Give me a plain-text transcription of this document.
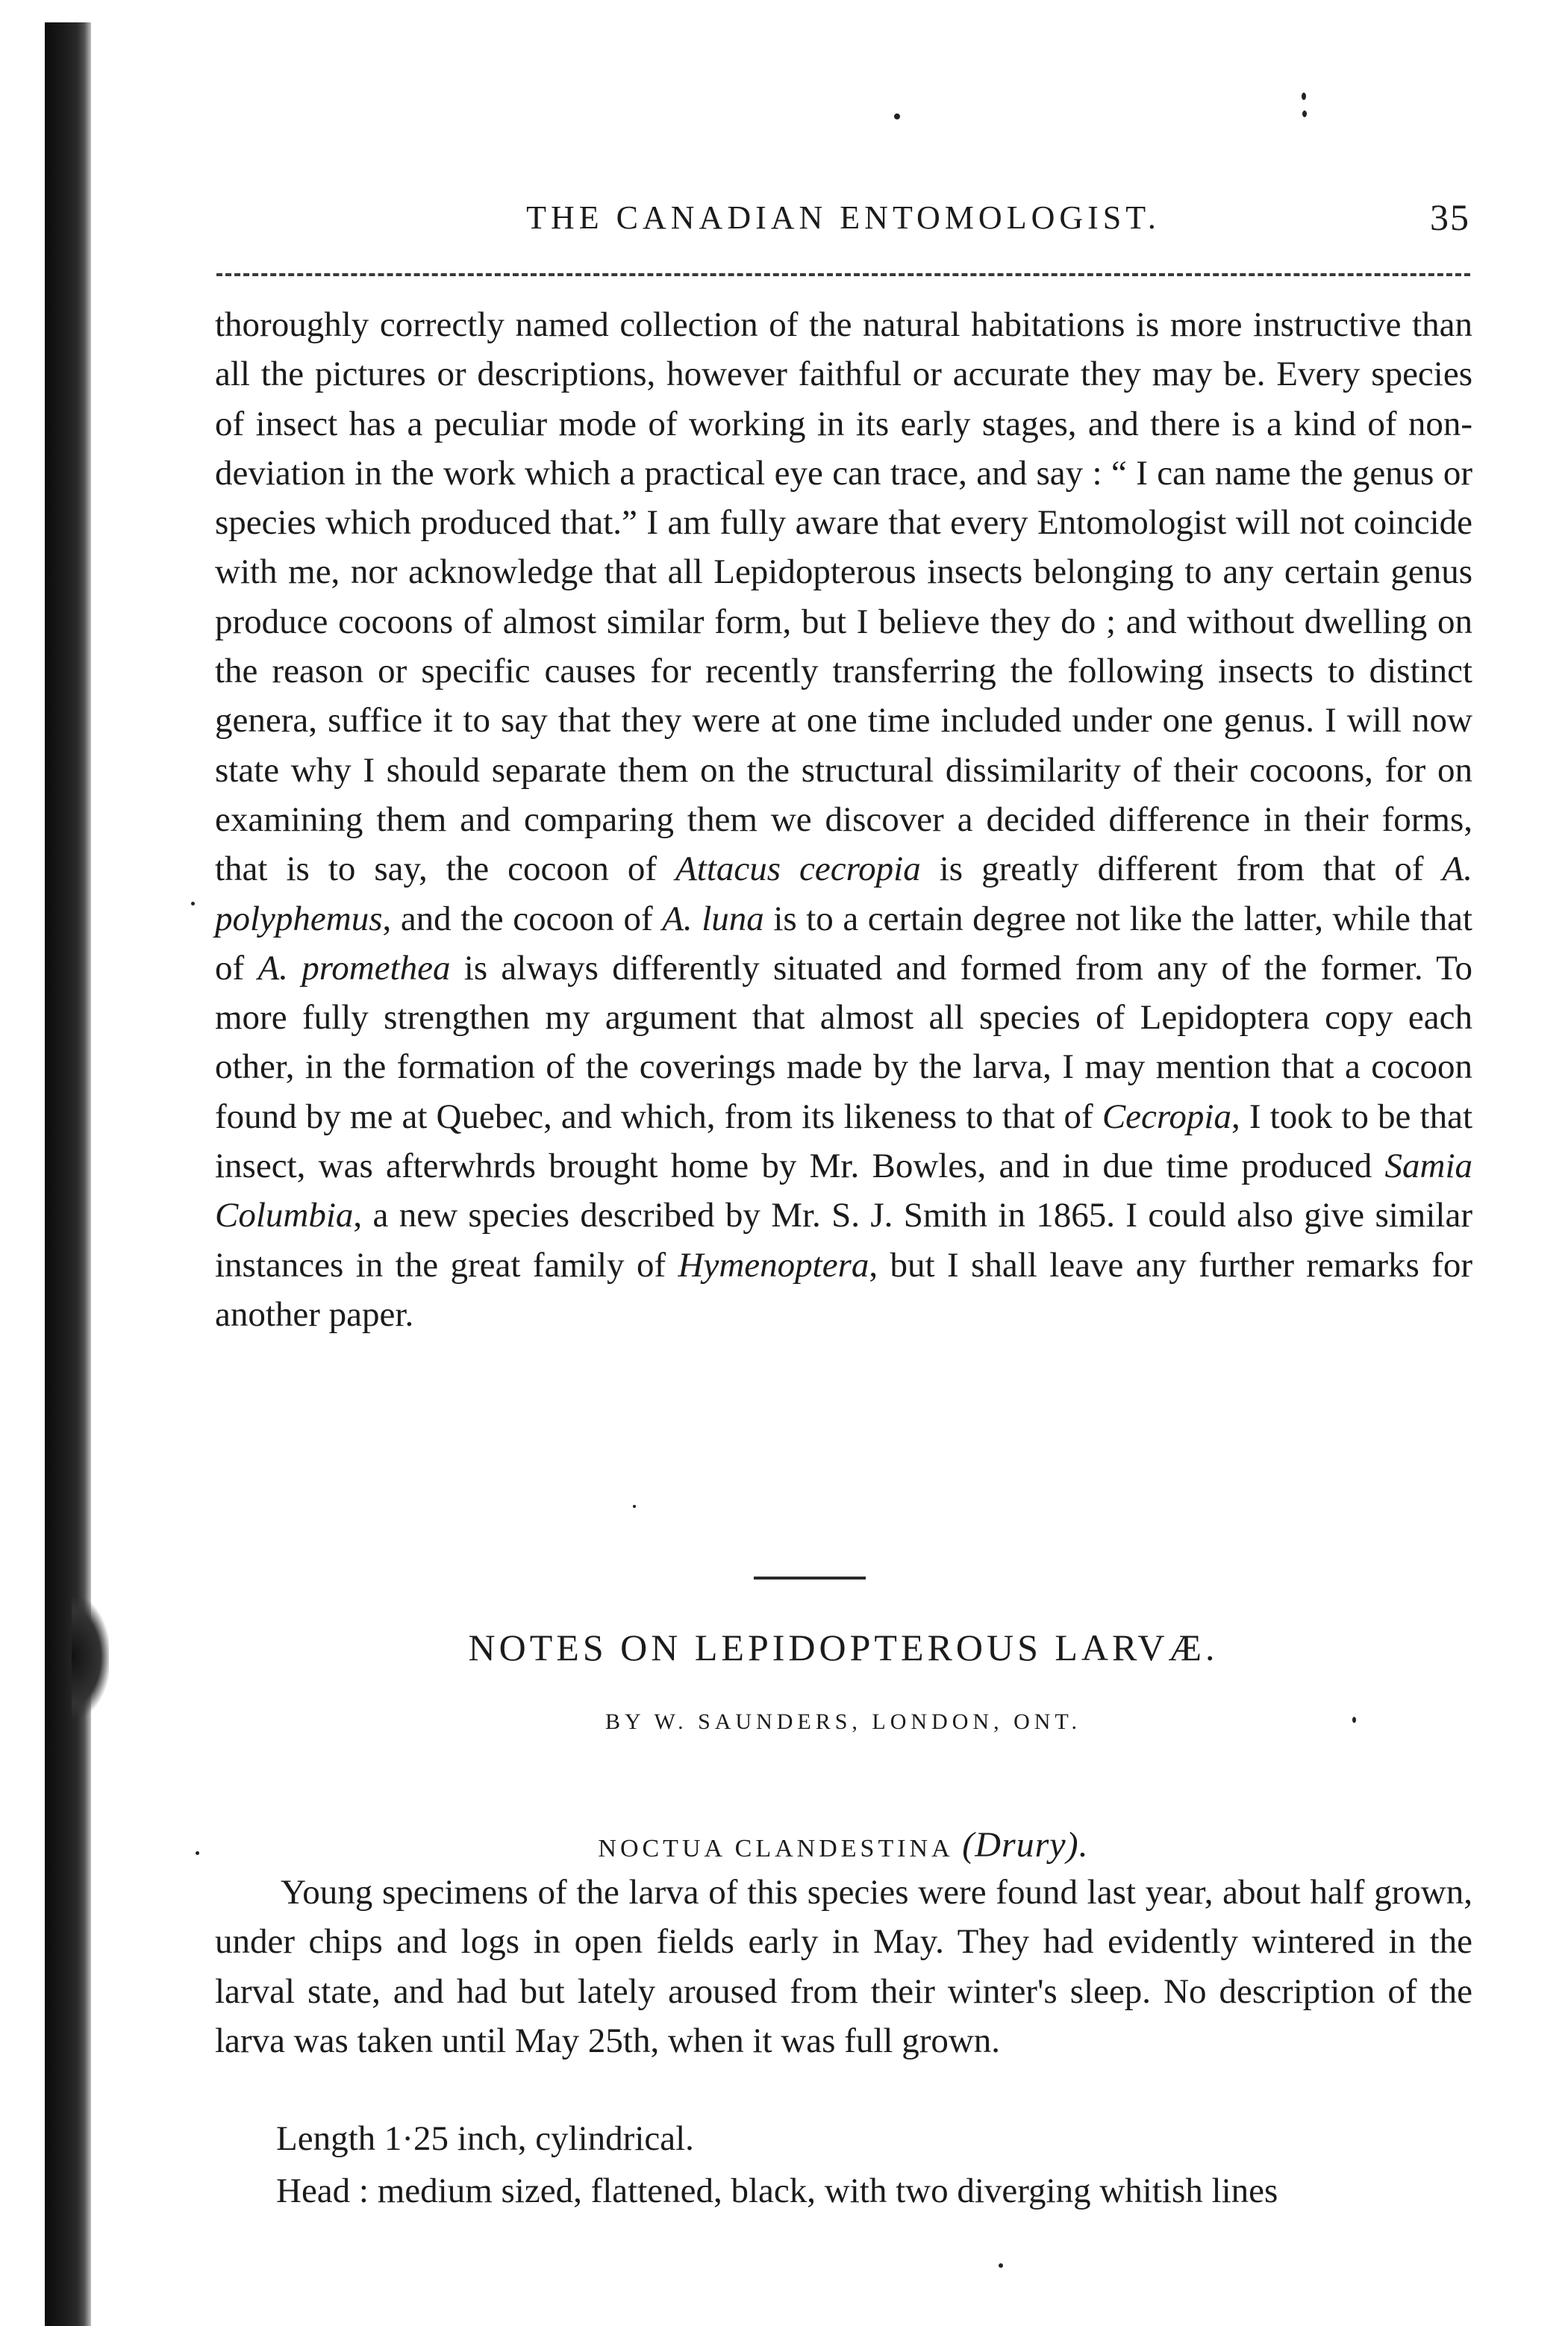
THE CANADIAN ENTOMOLOGIST.	35

thoroughly correctly named collection of the natural habitations is more instructive than all the pictures or descriptions, however faithful or accurate they may be. Every species of insect has a peculiar mode of working in its early stages, and there is a kind of non-deviation in the work which a practical eye can trace, and say : “ I can name the genus or species which produced that.” I am fully aware that every Entomologist will not coincide with me, nor acknowledge that all Lepidopterous insects belonging to any certain genus produce cocoons of almost similar form, but I believe they do ; and without dwelling on the reason or specific causes for recently transferring the following insects to distinct genera, suffice it to say that they were at one time included under one genus. I will now state why I should separate them on the structural dissimilarity of their cocoons, for on examining them and comparing them we discover a decided difference in their forms, that is to say, the cocoon of Attacus cecropia is greatly different from that of A. polyphemus, and the cocoon of A. luna is to a certain degree not like the latter, while that of A. promethea is always differently situated and formed from any of the former. To more fully strengthen my argument that almost all species of Lepidoptera copy each other, in the formation of the coverings made by the larva, I may mention that a cocoon found by me at Quebec, and which, from its likeness to that of Cecropia, I took to be that insect, was afterwhrds brought home by Mr. Bowles, and in due time produced Samia Columbia, a new species described by Mr. S. J. Smith in 1865. I could also give similar instances in the great family of Hymenoptera, but I shall leave any further remarks for another paper.

NOTES ON LEPIDOPTEROUS LARVÆ.

BY W. SAUNDERS, LONDON, ONT.

NOCTUA CLANDESTINA (Drury).

Young specimens of the larva of this species were found last year, about half grown, under chips and logs in open fields early in May. They had evidently wintered in the larval state, and had but lately aroused from their winter's sleep. No description of the larva was taken until May 25th, when it was full grown.

Length 1·25 inch, cylindrical.

Head : medium sized, flattened, black, with two diverging whitish lines
